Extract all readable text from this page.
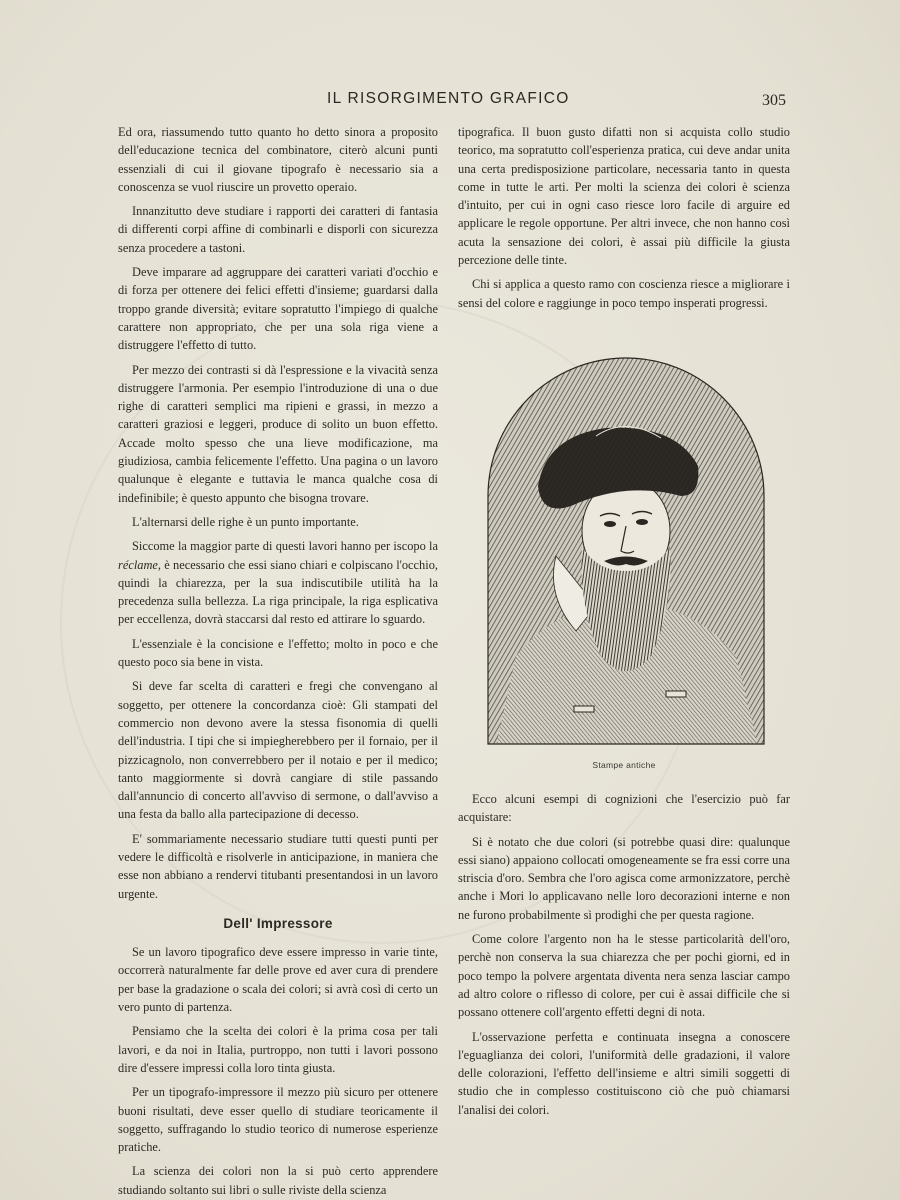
IL RISORGIMENTO GRAFICO	305

Ed ora, riassumendo tutto quanto ho detto sinora a proposito dell'educazione tecnica del combinatore, citerò alcuni punti essenziali di cui il giovane tipografo è necessario sia a conoscenza se vuol riuscire un provetto operaio.

Innanzitutto deve studiare i rapporti dei caratteri di fantasia di differenti corpi affine di combinarli e disporli con sicurezza senza procedere a tastoni.

Deve imparare ad aggruppare dei caratteri variati d'occhio e di forza per ottenere dei felici effetti d'insieme; guardarsi dalla troppo grande diversità; evitare sopratutto l'impiego di qualche carattere non appropriato, che per una sola riga viene a distruggere l'effetto di tutto.

Per mezzo dei contrasti si dà l'espressione e la vivacità senza distruggere l'armonia. Per esempio l'introduzione di una o due righe di caratteri semplici ma ripieni e grassi, in mezzo a caratteri graziosi e leggeri, produce di solito un buon effetto. Accade molto spesso che una lieve modificazione, ma giudiziosa, cambia felicemente l'effetto. Una pagina o un lavoro qualunque è elegante e tuttavia le manca qualche cosa di indefinibile; è questo appunto che bisogna trovare.

L'alternarsi delle righe è un punto importante.

Siccome la maggior parte di questi lavori hanno per iscopo la réclame, è necessario che essi siano chiari e colpiscano l'occhio, quindi la chiarezza, per la sua indiscutibile utilità ha la precedenza sulla bellezza. La riga principale, la riga esplicativa per eccellenza, dovrà staccarsi dal resto ed attirare lo sguardo.

L'essenziale è la concisione e l'effetto; molto in poco e che questo poco sia bene in vista.

Si deve far scelta di caratteri e fregi che convengano al soggetto, per ottenere la concordanza cioè: Gli stampati del commercio non devono avere la stessa fisonomia di quelli dell'industria. I tipi che si impiegherebbero per il fornaio, per il pizzicagnolo, non converrebbero per il notaio e per il medico; tanto maggiormente si dovrà cangiare di stile passando dall'annuncio di concerto all'avviso di sermone, o dall'avviso a una festa da ballo alla partecipazione di decesso.

E' sommariamente necessario studiare tutti questi punti per vedere le difficoltà e risolverle in anticipazione, in maniera che esse non abbiano a rendervi titubanti presentandosi in un lavoro urgente.

Dell' Impressore

Se un lavoro tipografico deve essere impresso in varie tinte, occorrerà naturalmente far delle prove ed aver cura di prendere per base la gradazione o scala dei colori; si avrà così di certo un vero punto di partenza.

Pensiamo che la scelta dei colori è la prima cosa per tali lavori, e da noi in Italia, purtroppo, non tutti i lavori possono dire d'essere impressi colla loro tinta giusta.

Per un tipografo-impressore il mezzo più sicuro per ottenere buoni risultati, deve esser quello di studiare teoricamente il soggetto, suffragando lo studio teorico di numerose esperienze pratiche.

La scienza dei colori non la si può certo apprendere studiando soltanto sui libri o sulle riviste della scienza

tipografica. Il buon gusto difatti non si acquista collo studio teorico, ma sopratutto coll'esperienza pratica, cui deve andar unita una certa predisposizione particolare, necessaria tanto in questa come in tutte le arti. Per molti la scienza dei colori è scienza d'intuito, per cui in ogni caso riesce loro facile di arguire ed applicare le regole opportune. Per altri invece, che non hanno così acuta la sensazione dei colori, è assai più difficile la giusta percezione delle tinte.

Chi si applica a questo ramo con coscienza riesce a migliorare i sensi del colore e raggiunge in poco tempo insperati progressi.

Stampe antiche

Ecco alcuni esempi di cognizioni che l'esercizio può far acquistare:

Si è notato che due colori (si potrebbe quasi dire: qualunque essi siano) appaiono collocati omogeneamente se fra essi corre una striscia d'oro. Sembra che l'oro agisca come armonizzatore, perchè anche i Mori lo applicavano nelle loro decorazioni interne e non ne furono probabilmente sì prodighi che per questa ragione.

Come colore l'argento non ha le stesse particolarità dell'oro, perchè non conserva la sua chiarezza che per pochi giorni, ed in poco tempo la polvere argentata diventa nera senza lasciar campo ad altro colore o riflesso di colore, per cui è assai difficile che si possano ottenere coll'argento effetti degni di nota.

L'osservazione perfetta e continuata insegna a conoscere l'eguaglianza dei colori, l'uniformità delle gradazioni, il valore delle colorazioni, l'effetto dell'insieme e altri simili soggetti di studio che in complesso costituiscono ciò che può chiamarsi l'analisi dei colori.
